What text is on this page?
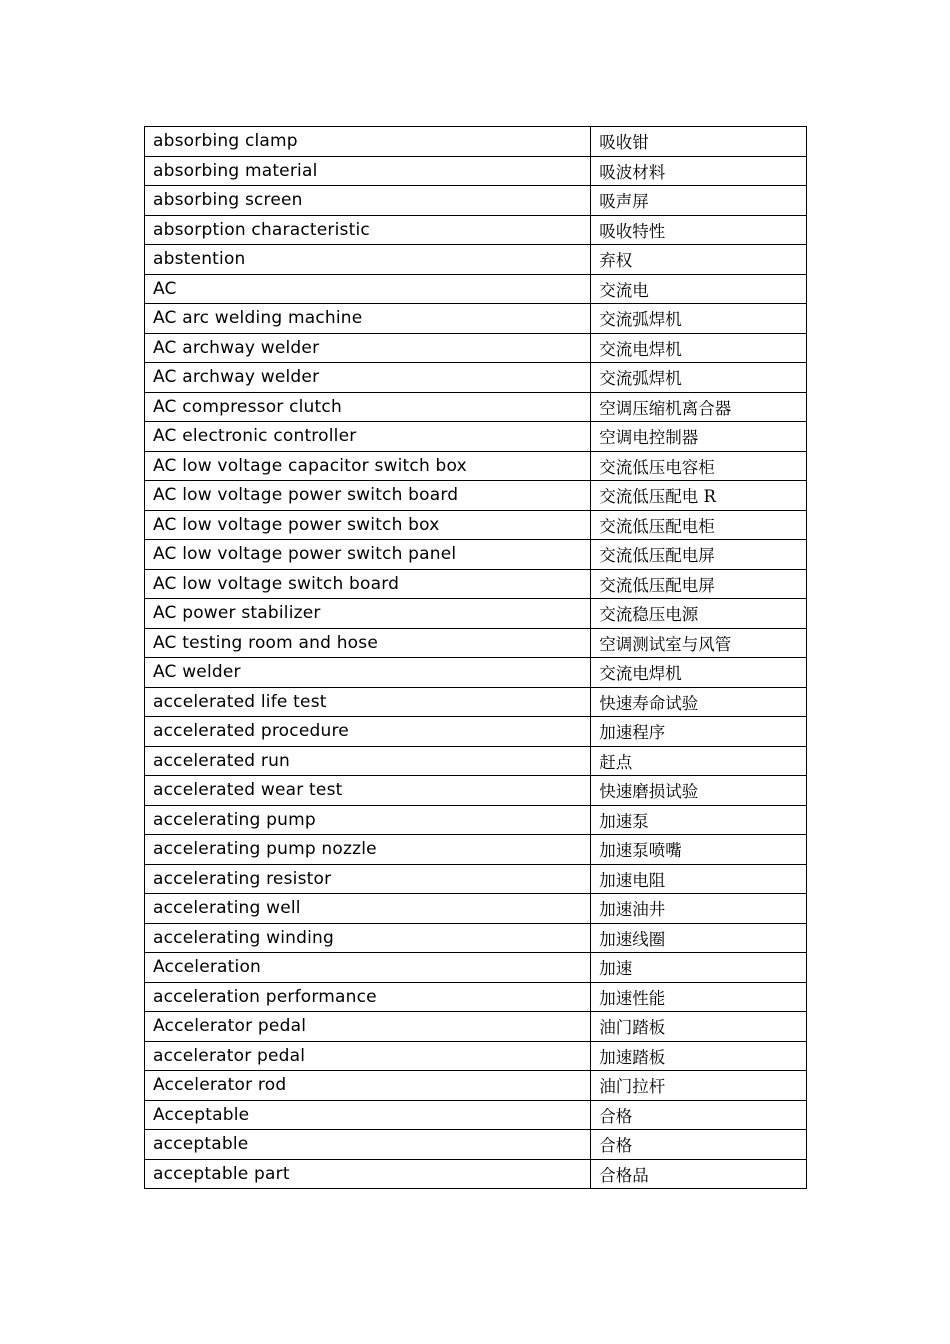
absorbing clamp	吸收钳
absorbing material	吸波材料
absorbing screen	吸声屏
absorption characteristic	吸收特性
abstention	弃权
AC	交流电
AC arc welding machine	交流弧焊机
AC archway welder	交流电焊机
AC archway welder	交流弧焊机
AC compressor clutch	空调压缩机离合器
AC electronic controller	空调电控制器
AC low voltage capacitor switch box	交流低压电容柜
AC low voltage power switch board	交流低压配电 R
AC low voltage power switch box	交流低压配电柜
AC low voltage power switch panel	交流低压配电屏
AC low voltage switch board	交流低压配电屏
AC power stabilizer	交流稳压电源
AC testing room and hose	空调测试室与风管
AC welder	交流电焊机
accelerated life test	快速寿命试验
accelerated procedure	加速程序
accelerated run	赶点
accelerated wear test	快速磨损试验
accelerating pump	加速泵
accelerating pump nozzle	加速泵喷嘴
accelerating resistor	加速电阻
accelerating well	加速油井
accelerating winding	加速线圈
Acceleration	加速
acceleration performance	加速性能
Accelerator pedal	油门踏板
accelerator pedal	加速踏板
Accelerator rod	油门拉杆
Acceptable	合格
acceptable	合格
acceptable part	合格品
